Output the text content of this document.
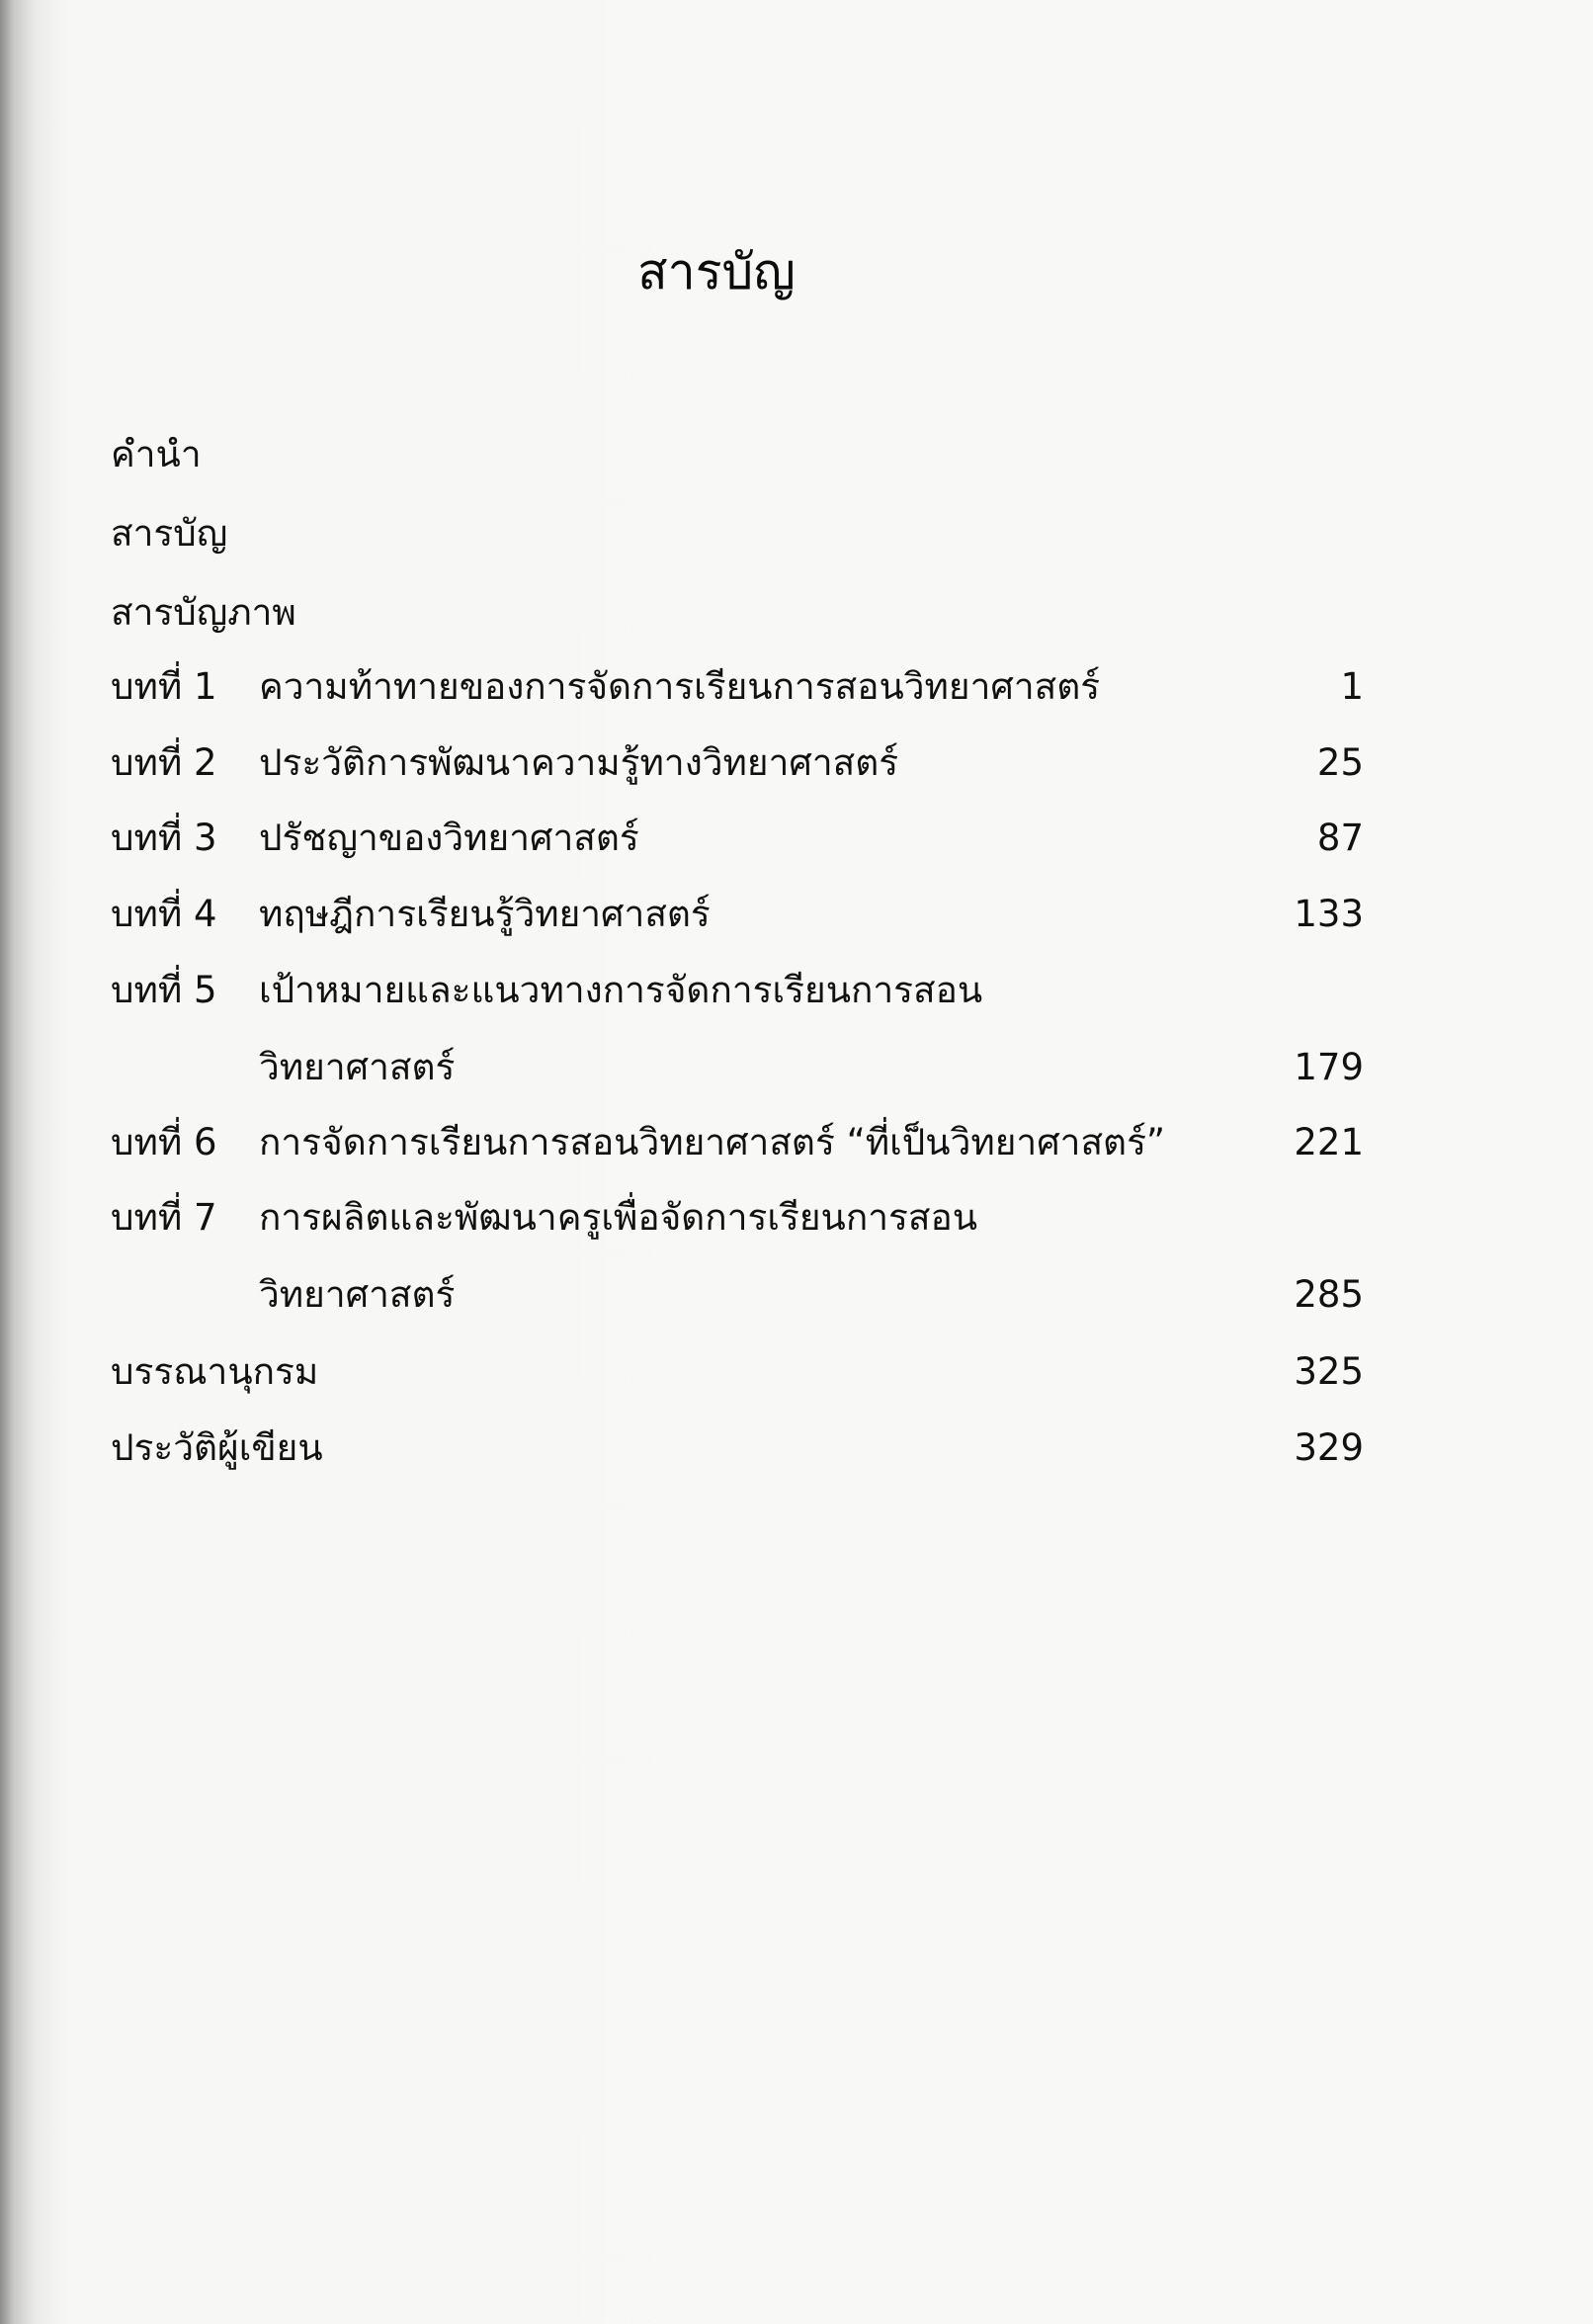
สารบัญ
คำนำ
สารบัญ
สารบัญภาพ
บทที่ 1 ความท้าทายของการจัดการเรียนการสอนวิทยาศาสตร์	1
บทที่ 2 ประวัติการพัฒนาความรู้ทางวิทยาศาสตร์	25
บทที่ 3 ปรัชญาของวิทยาศาสตร์	87
บทที่ 4 ทฤษฎีการเรียนรู้วิทยาศาสตร์	133
บทที่ 5 เป้าหมายและแนวทางการจัดการเรียนการสอน
วิทยาศาสตร์	179
บทที่ 6 การจัดการเรียนการสอนวิทยาศาสตร์ “ที่เป็นวิทยาศาสตร์”	221
บทที่ 7 การผลิตและพัฒนาครูเพื่อจัดการเรียนการสอน
วิทยาศาสตร์	285
บรรณานุกรม	325
ประวัติผู้เขียน	329
